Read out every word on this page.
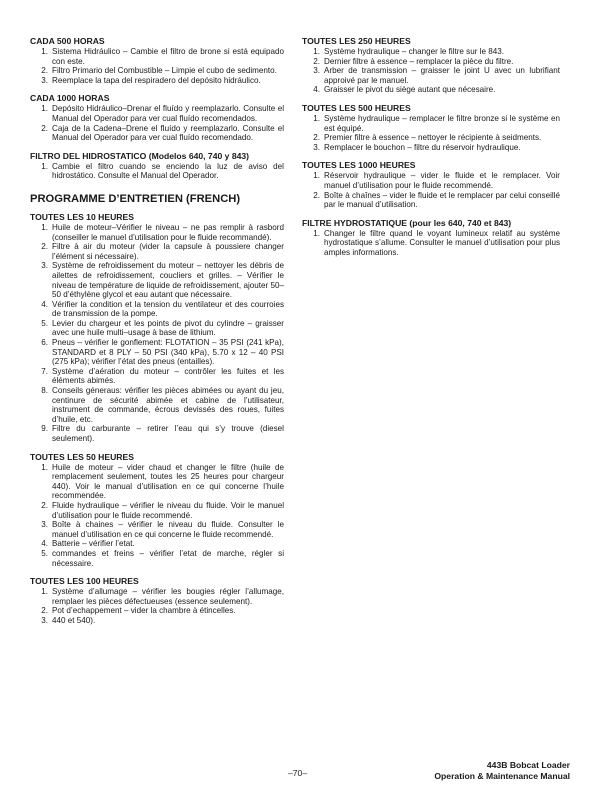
CADA 500 HORAS
1. Sistema Hidráulico – Cambie el filtro de brone si está equipado con este.
2. Filtro Primario del Combustible – Limpie el cubo de sedimento.
3. Reemplace la tapa del respiradero del depósito hidráulico.
CADA 1000 HORAS
1. Depósito Hidráulico–Drenar el fluído y reemplazarlo. Consulte el Manual del Operador para ver cual fluído recomendados.
2. Caja de la Cadena–Drene el fluído y reemplazarlo. Consulte el Manual del Operador para ver cual fluído recomendado.
FILTRO DEL HIDROSTATICO (Modelos 640, 740 y 843)
1. Cambie el filtro cuando se enciendo la luz de aviso del hidrostático. Consulte el Manual del Operador.
PROGRAMME D’ENTRETIEN (FRENCH)
TOUTES LES 10 HEURES
1. Huile de moteur–Vérifier le niveau – ne pas remplir à rasbord (conseiller le manuel d’utilisation pour le fluide recommandé).
2. Filtre à air du moteur (vider la capsule à poussiere changer l’élément si nécessaire).
3. Système de refroidissement du moteur – nettoyer les débris de ailettes de refroidissement, coucliers et grilles. – Vérifier le niveau de température de liquide de refroidissement, ajouter 50–50 d’éthylène glycol et eau autant que nécessaire.
4. Vérifier la condition et la tension du ventilateur et des courroies de transmission de la pompe.
5. Levier du chargeur et les points de pivot du cylindre – graisser avec une huile multi–usage à base de lithium.
6. Pneus – vérifier le gonflement: FLOTATION – 35 PSI (241 kPa), STANDARD et 8 PLY – 50 PSI (340 kPa), 5.70 x 12 – 40 PSI (275 kPa); vérifier l’état des pneus (entailles).
7. Système d’aération du moteur – contrôler les fuites et les éléments abimés.
8. Conseils géneraus: vérifier les pièces abimées ou ayant du jeu, centinure de sécurité abimée et cabine de l’utilisateur, instrument de commande, écrous devissés des roues, fuites d’huile, etc.
9. Filtre du carburante – retirer l’eau qui s’y trouve (diesel seulement).
TOUTES LES 50 HEURES
1. Huile de moteur – vider chaud et changer le filtre (huile de remplacement seulement, toutes les 25 heures pour chargeur 440). Voir le manual d’utilisation en ce qui concerne l’huile recommendée.
2. Fluide hydraulique – vérifier le niveau du fluide. Voir le manuel d’utilisation pour le fluide recommendé.
3. Boîte à chaines – vérifier le niveau du fluide. Consulter le manuel d’utilisation en ce qui concerne le fluide recommendé.
4. Batterie – vérifier l’etat.
5. commandes et freins – vérifier l’etat de marche, régler si nécessaire.
TOUTES LES 100 HEURES
1. Système d’allumage – vérifier les bougies régler l’allumage, remplaer les pièces défectueuses (essence seulement).
2. Pot d’echappement – vider la chambre à étincelles.
3. 440 et 540).
TOUTES LES 250 HEURES
1. Système hydraulique – changer le filtre sur le 843.
2. Dernier filtre à essence – remplacer la pièce du filtre.
3. Arber de transmission – graisser le joint U avec un lubrifiant approivé par le manuel.
4. Graisser le pivot du siège autant que nécesaire.
TOUTES LES 500 HEURES
1. Système hydraulique – remplacer le filtre bronze si le système en est équipé.
2. Premier filtre à essence – nettoyer le récipiente à seidments.
3. Remplacer le bouchon – filtre du réservoir hydraulique.
TOUTES LES 1000 HEURES
1. Réservoir hydraulique – vider le fluide et le remplacer. Voir manuel d’utilisation pour le fluide recommendé.
2. Boîte à chaînes – vider le fluide et le remplacer par celui conseillé par le manual d’utilisation.
FILTRE HYDROSTATIQUE (pour les 640, 740 et 843)
1. Changer le filtre quand le voyant lumineux relatif au système hydrostatique s’allume. Consulter le manuel d’utilisation pour plus amples informations.
–70–
443B Bobcat Loader
Operation & Maintenance Manual
